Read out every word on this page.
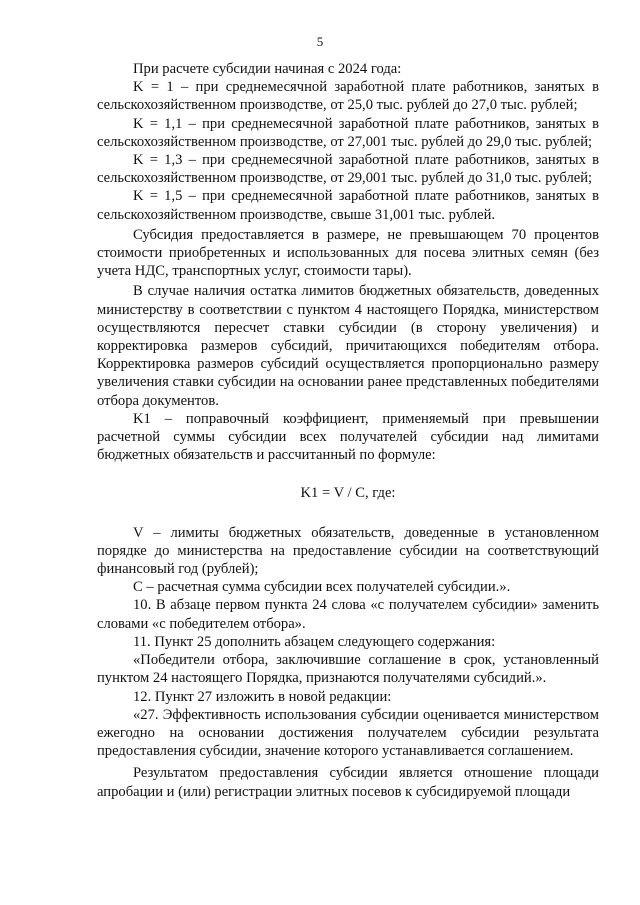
5

При расчете субсидии начиная с 2024 года:

K = 1 – при среднемесячной заработной плате работников, занятых в сельскохозяйственном производстве, от 25,0 тыс. рублей до 27,0 тыс. рублей;

K = 1,1 – при среднемесячной заработной плате работников, занятых в сельскохозяйственном производстве, от 27,001 тыс. рублей до 29,0 тыс. рублей;

K = 1,3 – при среднемесячной заработной плате работников, занятых в сельскохозяйственном производстве, от 29,001 тыс. рублей до 31,0 тыс. рублей;

K = 1,5 – при среднемесячной заработной плате работников, занятых в сельскохозяйственном производстве, свыше 31,001 тыс. рублей.

Субсидия предоставляется в размере, не превышающем 70 процентов стоимости приобретенных и использованных для посева элитных семян (без учета НДС, транспортных услуг, стоимости тары).

В случае наличия остатка лимитов бюджетных обязательств, доведенных министерству в соответствии с пунктом 4 настоящего Порядка, министерством осуществляются пересчет ставки субсидии (в сторону увеличения) и корректировка размеров субсидий, причитающихся победителям отбора. Корректировка размеров субсидий осуществляется пропорционально размеру увеличения ставки субсидии на основании ранее представленных победителями отбора документов.

K1 – поправочный коэффициент, применяемый при превышении расчетной суммы субсидии всех получателей субсидии над лимитами бюджетных обязательств и рассчитанный по формуле:

K1 = V / C, где:

V – лимиты бюджетных обязательств, доведенные в установленном порядке до министерства на предоставление субсидии на соответствующий финансовый год (рублей);

C – расчетная сумма субсидии всех получателей субсидии.».

10. В абзаце первом пункта 24 слова «с получателем субсидии» заменить словами «с победителем отбора».

11. Пункт 25 дополнить абзацем следующего содержания:

«Победители отбора, заключившие соглашение в срок, установленный пунктом 24 настоящего Порядка, признаются получателями субсидий.».

12. Пункт 27 изложить в новой редакции:

«27. Эффективность использования субсидии оценивается министерством ежегодно на основании достижения получателем субсидии результата предоставления субсидии, значение которого устанавливается соглашением.

Результатом предоставления субсидии является отношение площади апробации и (или) регистрации элитных посевов к субсидируемой площади
